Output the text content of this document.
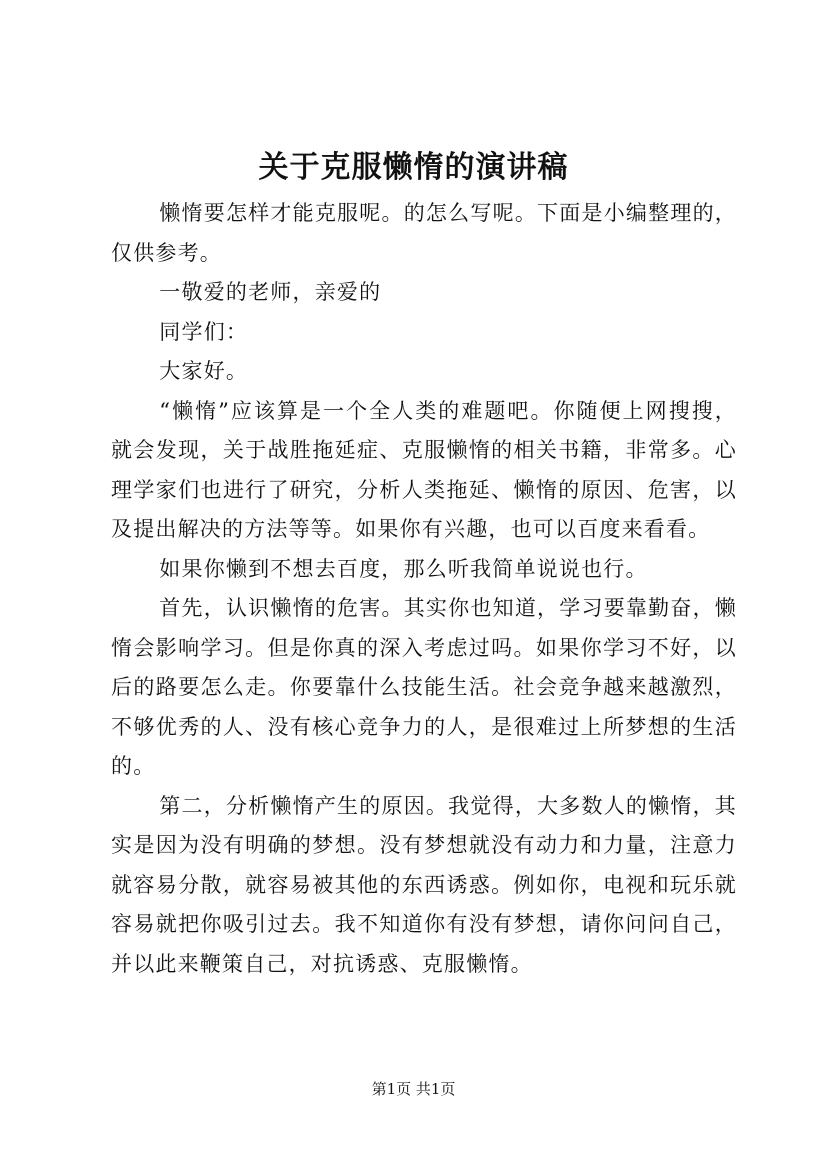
关于克服懒惰的演讲稿

懒惰要怎样才能克服呢。的怎么写呢。下面是小编整理的，仅供参考。

一敬爱的老师，亲爱的

同学们：

大家好。

“懒惰”应该算是一个全人类的难题吧。你随便上网搜搜，就会发现，关于战胜拖延症、克服懒惰的相关书籍，非常多。心理学家们也进行了研究，分析人类拖延、懒惰的原因、危害，以及提出解决的方法等等。如果你有兴趣，也可以百度来看看。

如果你懒到不想去百度，那么听我简单说说也行。

首先，认识懒惰的危害。其实你也知道，学习要靠勤奋，懒惰会影响学习。但是你真的深入考虑过吗。如果你学习不好，以后的路要怎么走。你要靠什么技能生活。社会竞争越来越激烈，不够优秀的人、没有核心竞争力的人，是很难过上所梦想的生活的。

第二，分析懒惰产生的原因。我觉得，大多数人的懒惰，其实是因为没有明确的梦想。没有梦想就没有动力和力量，注意力就容易分散，就容易被其他的东西诱惑。例如你，电视和玩乐就容易就把你吸引过去。我不知道你有没有梦想，请你问问自己，并以此来鞭策自己，对抗诱惑、克服懒惰。

第1页 共1页
